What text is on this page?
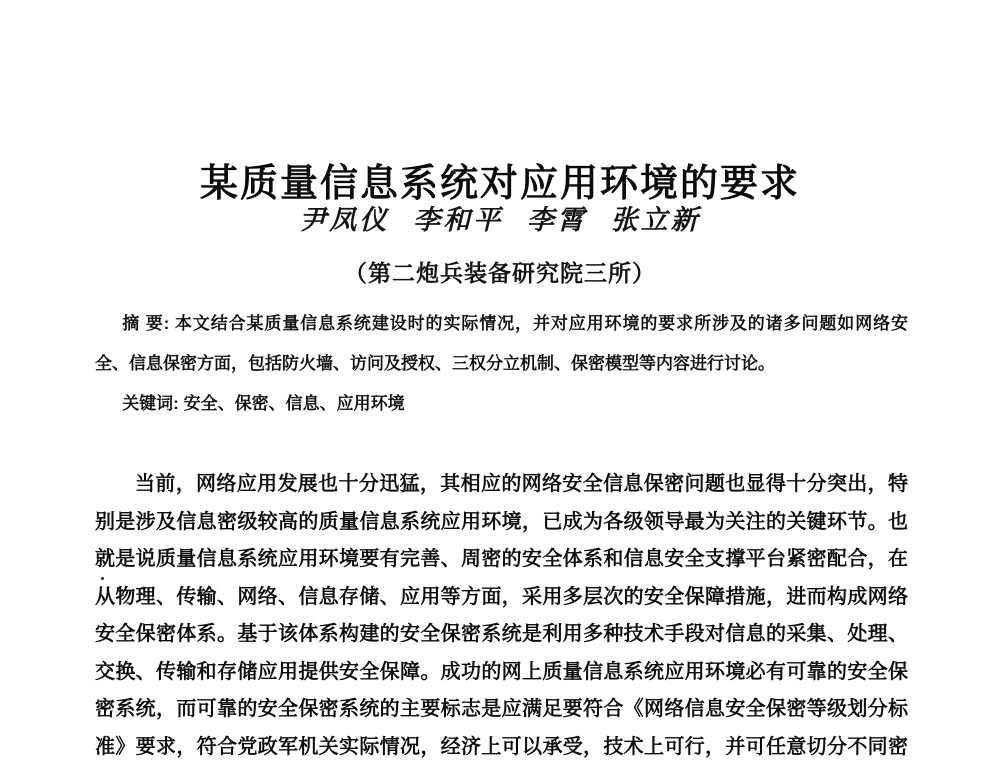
某质量信息系统对应用环境的要求
尹凤仪 李和平 李霄 张立新
（第二炮兵装备研究院三所）
摘 要: 本文结合某质量信息系统建设时的实际情况，并对应用环境的要求所涉及的诸多问题如网络安
全、信息保密方面，包括防火墙、访问及授权、三权分立机制、保密模型等内容进行讨论。
关键词: 安全、保密、信息、应用环境
当前，网络应用发展也十分迅猛，其相应的网络安全信息保密问题也显得十分突出，特
别是涉及信息密级较高的质量信息系统应用环境，已成为各级领导最为关注的关键环节。也
就是说质量信息系统应用环境要有完善、周密的安全体系和信息安全支撑平台紧密配合，在
从物理、传输、网络、信息存储、应用等方面，采用多层次的安全保障措施，进而构成网络
安全保密体系。基于该体系构建的安全保密系统是利用多种技术手段对信息的采集、处理、
交换、传输和存储应用提供安全保障。成功的网上质量信息系统应用环境必有可靠的安全保
密系统，而可靠的安全保密系统的主要标志是应满足要符合《网络信息安全保密等级划分标
准》要求，符合党政军机关实际情况，经济上可以承受，技术上可行，并可任意切分不同密
